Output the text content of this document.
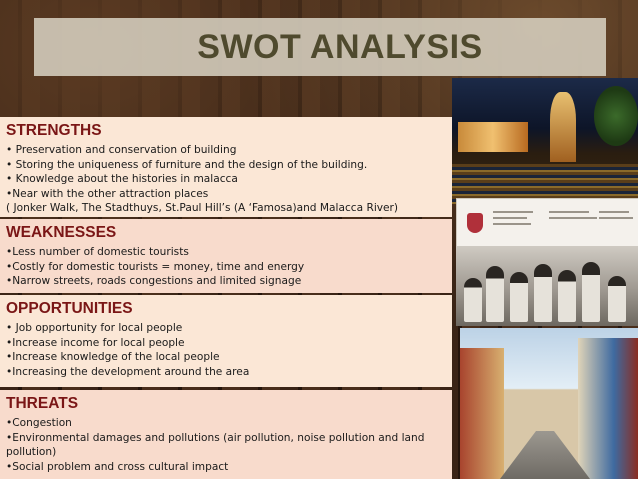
SWOT ANALYSIS
STRENGTHS
• Preservation and conservation of building
• Storing the uniqueness of furniture and the design of the building.
• Knowledge about the histories in malacca
•Near with the other attraction places
( Jonker Walk, The Stadthuys, St.Paul Hill’s (A ‘Famosa)and Malacca River)
WEAKNESSES
•Less number of domestic tourists
•Costly for domestic tourists = money, time and energy
•Narrow streets, roads congestions and limited signage
OPPORTUNITIES
• Job opportunity for local people
•Increase income for local people
•Increase knowledge of the local people
•Increasing the development around the area
THREATS
•Congestion
•Environmental damages and pollutions (air pollution, noise pollution and land pollution)
•Social problem and cross cultural impact
